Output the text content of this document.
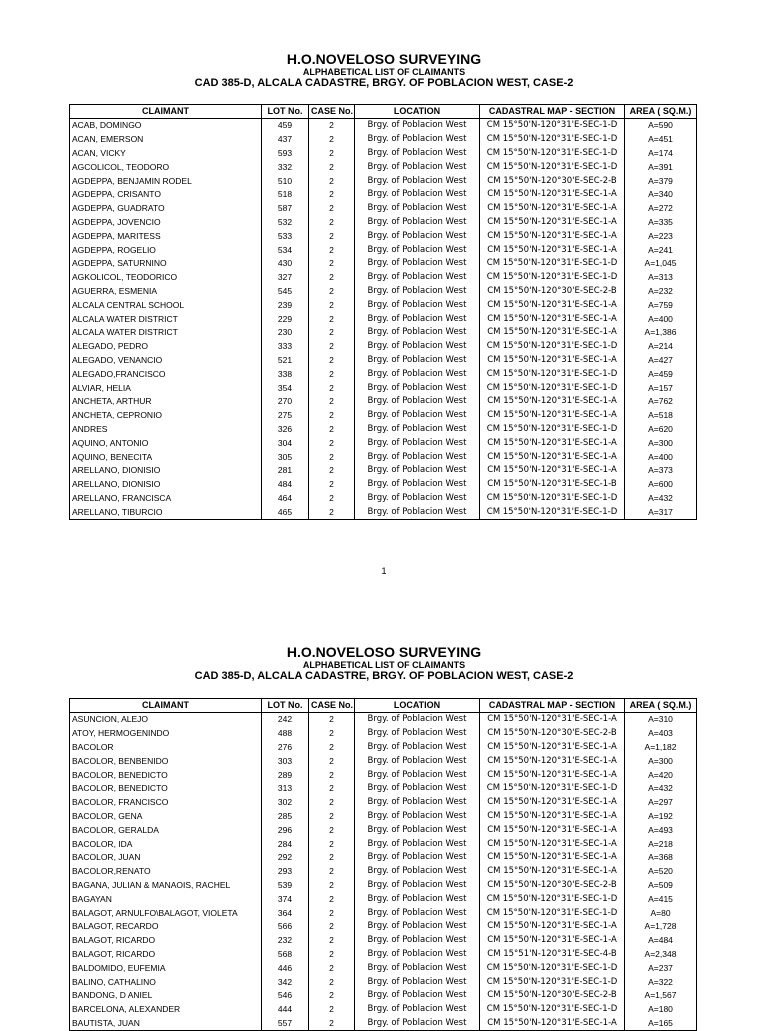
H.O.NOVELOSO SURVEYING
ALPHABETICAL LIST OF CLAIMANTS
CAD 385-D, ALCALA CADASTRE, BRGY. OF POBLACION WEST, CASE-2
CLAIMANT	LOT No.	CASE No.	LOCATION	CADASTRAL MAP - SECTION	AREA ( SQ.M.)
ACAB, DOMINGO	459	2	Brgy. of Poblacion West	CM 15°50'N-120°31'E-SEC-1-D	A=590
ACAN, EMERSON	437	2	Brgy. of Poblacion West	CM 15°50'N-120°31'E-SEC-1-D	A=451
ACAN, VICKY	593	2	Brgy. of Poblacion West	CM 15°50'N-120°31'E-SEC-1-D	A=174
AGCOLICOL, TEODORO	332	2	Brgy. of Poblacion West	CM 15°50'N-120°31'E-SEC-1-D	A=391
AGDEPPA, BENJAMIN RODEL	510	2	Brgy. of Poblacion West	CM 15°50'N-120°30'E-SEC-2-B	A=379
AGDEPPA, CRISANTO	518	2	Brgy. of Poblacion West	CM 15°50'N-120°31'E-SEC-1-A	A=340
AGDEPPA, GUADRATO	587	2	Brgy. of Poblacion West	CM 15°50'N-120°31'E-SEC-1-A	A=272
AGDEPPA, JOVENCIO	532	2	Brgy. of Poblacion West	CM 15°50'N-120°31'E-SEC-1-A	A=335
AGDEPPA, MARITESS	533	2	Brgy. of Poblacion West	CM 15°50'N-120°31'E-SEC-1-A	A=223
AGDEPPA, ROGELIO	534	2	Brgy. of Poblacion West	CM 15°50'N-120°31'E-SEC-1-A	A=241
AGDEPPA, SATURNINO	430	2	Brgy. of Poblacion West	CM 15°50'N-120°31'E-SEC-1-D	A=1,045
AGKOLICOL, TEODORICO	327	2	Brgy. of Poblacion West	CM 15°50'N-120°31'E-SEC-1-D	A=313
AGUERRA, ESMENIA	545	2	Brgy. of Poblacion West	CM 15°50'N-120°30'E-SEC-2-B	A=232
ALCALA CENTRAL SCHOOL	239	2	Brgy. of Poblacion West	CM 15°50'N-120°31'E-SEC-1-A	A=759
ALCALA WATER DISTRICT	229	2	Brgy. of Poblacion West	CM 15°50'N-120°31'E-SEC-1-A	A=400
ALCALA WATER DISTRICT	230	2	Brgy. of Poblacion West	CM 15°50'N-120°31'E-SEC-1-A	A=1,386
ALEGADO, PEDRO	333	2	Brgy. of Poblacion West	CM 15°50'N-120°31'E-SEC-1-D	A=214
ALEGADO, VENANCIO	521	2	Brgy. of Poblacion West	CM 15°50'N-120°31'E-SEC-1-A	A=427
ALEGADO,FRANCISCO	338	2	Brgy. of Poblacion West	CM 15°50'N-120°31'E-SEC-1-D	A=459
ALVIAR, HELIA	354	2	Brgy. of Poblacion West	CM 15°50'N-120°31'E-SEC-1-D	A=157
ANCHETA, ARTHUR	270	2	Brgy. of Poblacion West	CM 15°50'N-120°31'E-SEC-1-A	A=762
ANCHETA, CEPRONIO	275	2	Brgy. of Poblacion West	CM 15°50'N-120°31'E-SEC-1-A	A=518
ANDRES	326	2	Brgy. of Poblacion West	CM 15°50'N-120°31'E-SEC-1-D	A=620
AQUINO, ANTONIO	304	2	Brgy. of Poblacion West	CM 15°50'N-120°31'E-SEC-1-A	A=300
AQUINO, BENECITA	305	2	Brgy. of Poblacion West	CM 15°50'N-120°31'E-SEC-1-A	A=400
ARELLANO, DIONISIO	281	2	Brgy. of Poblacion West	CM 15°50'N-120°31'E-SEC-1-A	A=373
ARELLANO, DIONISIO	484	2	Brgy. of Poblacion West	CM 15°50'N-120°31'E-SEC-1-B	A=600
ARELLANO, FRANCISCA	464	2	Brgy. of Poblacion West	CM 15°50'N-120°31'E-SEC-1-D	A=432
ARELLANO, TIBURCIO	465	2	Brgy. of Poblacion West	CM 15°50'N-120°31'E-SEC-1-D	A=317
1
H.O.NOVELOSO SURVEYING
ALPHABETICAL LIST OF CLAIMANTS
CAD 385-D, ALCALA CADASTRE, BRGY. OF POBLACION WEST, CASE-2
CLAIMANT	LOT No.	CASE No.	LOCATION	CADASTRAL MAP - SECTION	AREA ( SQ.M.)
ASUNCION, ALEJO	242	2	Brgy. of Poblacion West	CM 15°50'N-120°31'E-SEC-1-A	A=310
ATOY, HERMOGENINDO	488	2	Brgy. of Poblacion West	CM 15°50'N-120°30'E-SEC-2-B	A=403
BACOLOR	276	2	Brgy. of Poblacion West	CM 15°50'N-120°31'E-SEC-1-A	A=1,182
BACOLOR, BENBENIDO	303	2	Brgy. of Poblacion West	CM 15°50'N-120°31'E-SEC-1-A	A=300
BACOLOR, BENEDICTO	289	2	Brgy. of Poblacion West	CM 15°50'N-120°31'E-SEC-1-A	A=420
BACOLOR, BENEDICTO	313	2	Brgy. of Poblacion West	CM 15°50'N-120°31'E-SEC-1-D	A=432
BACOLOR, FRANCISCO	302	2	Brgy. of Poblacion West	CM 15°50'N-120°31'E-SEC-1-A	A=297
BACOLOR, GENA	285	2	Brgy. of Poblacion West	CM 15°50'N-120°31'E-SEC-1-A	A=192
BACOLOR, GERALDA	296	2	Brgy. of Poblacion West	CM 15°50'N-120°31'E-SEC-1-A	A=493
BACOLOR, IDA	284	2	Brgy. of Poblacion West	CM 15°50'N-120°31'E-SEC-1-A	A=218
BACOLOR, JUAN	292	2	Brgy. of Poblacion West	CM 15°50'N-120°31'E-SEC-1-A	A=368
BACOLOR,RENATO	293	2	Brgy. of Poblacion West	CM 15°50'N-120°31'E-SEC-1-A	A=520
BAGANA, JULIAN & MANAOIS, RACHEL	539	2	Brgy. of Poblacion West	CM 15°50'N-120°30'E-SEC-2-B	A=509
BAGAYAN	374	2	Brgy. of Poblacion West	CM 15°50'N-120°31'E-SEC-1-D	A=415
BALAGOT, ARNULFO\BALAGOT, VIOLETA	364	2	Brgy. of Poblacion West	CM 15°50'N-120°31'E-SEC-1-D	A=80
BALAGOT, RECARDO	566	2	Brgy. of Poblacion West	CM 15°50'N-120°31'E-SEC-1-A	A=1,728
BALAGOT, RICARDO	232	2	Brgy. of Poblacion West	CM 15°50'N-120°31'E-SEC-1-A	A=484
BALAGOT, RICARDO	568	2	Brgy. of Poblacion West	CM 15°51'N-120°31'E-SEC-4-B	A=2,348
BALDOMIDO, EUFEMIA	446	2	Brgy. of Poblacion West	CM 15°50'N-120°31'E-SEC-1-D	A=237
BALINO, CATHALINO	342	2	Brgy. of Poblacion West	CM 15°50'N-120°31'E-SEC-1-D	A=322
BANDONG, D ANIEL	546	2	Brgy. of Poblacion West	CM 15°50'N-120°30'E-SEC-2-B	A=1,567
BARCELONA, ALEXANDER	444	2	Brgy. of Poblacion West	CM 15°50'N-120°31'E-SEC-1-D	A=180
BAUTISTA, JUAN	557	2	Brgy. of Poblacion West	CM 15°50'N-120°31'E-SEC-1-A	A=165
